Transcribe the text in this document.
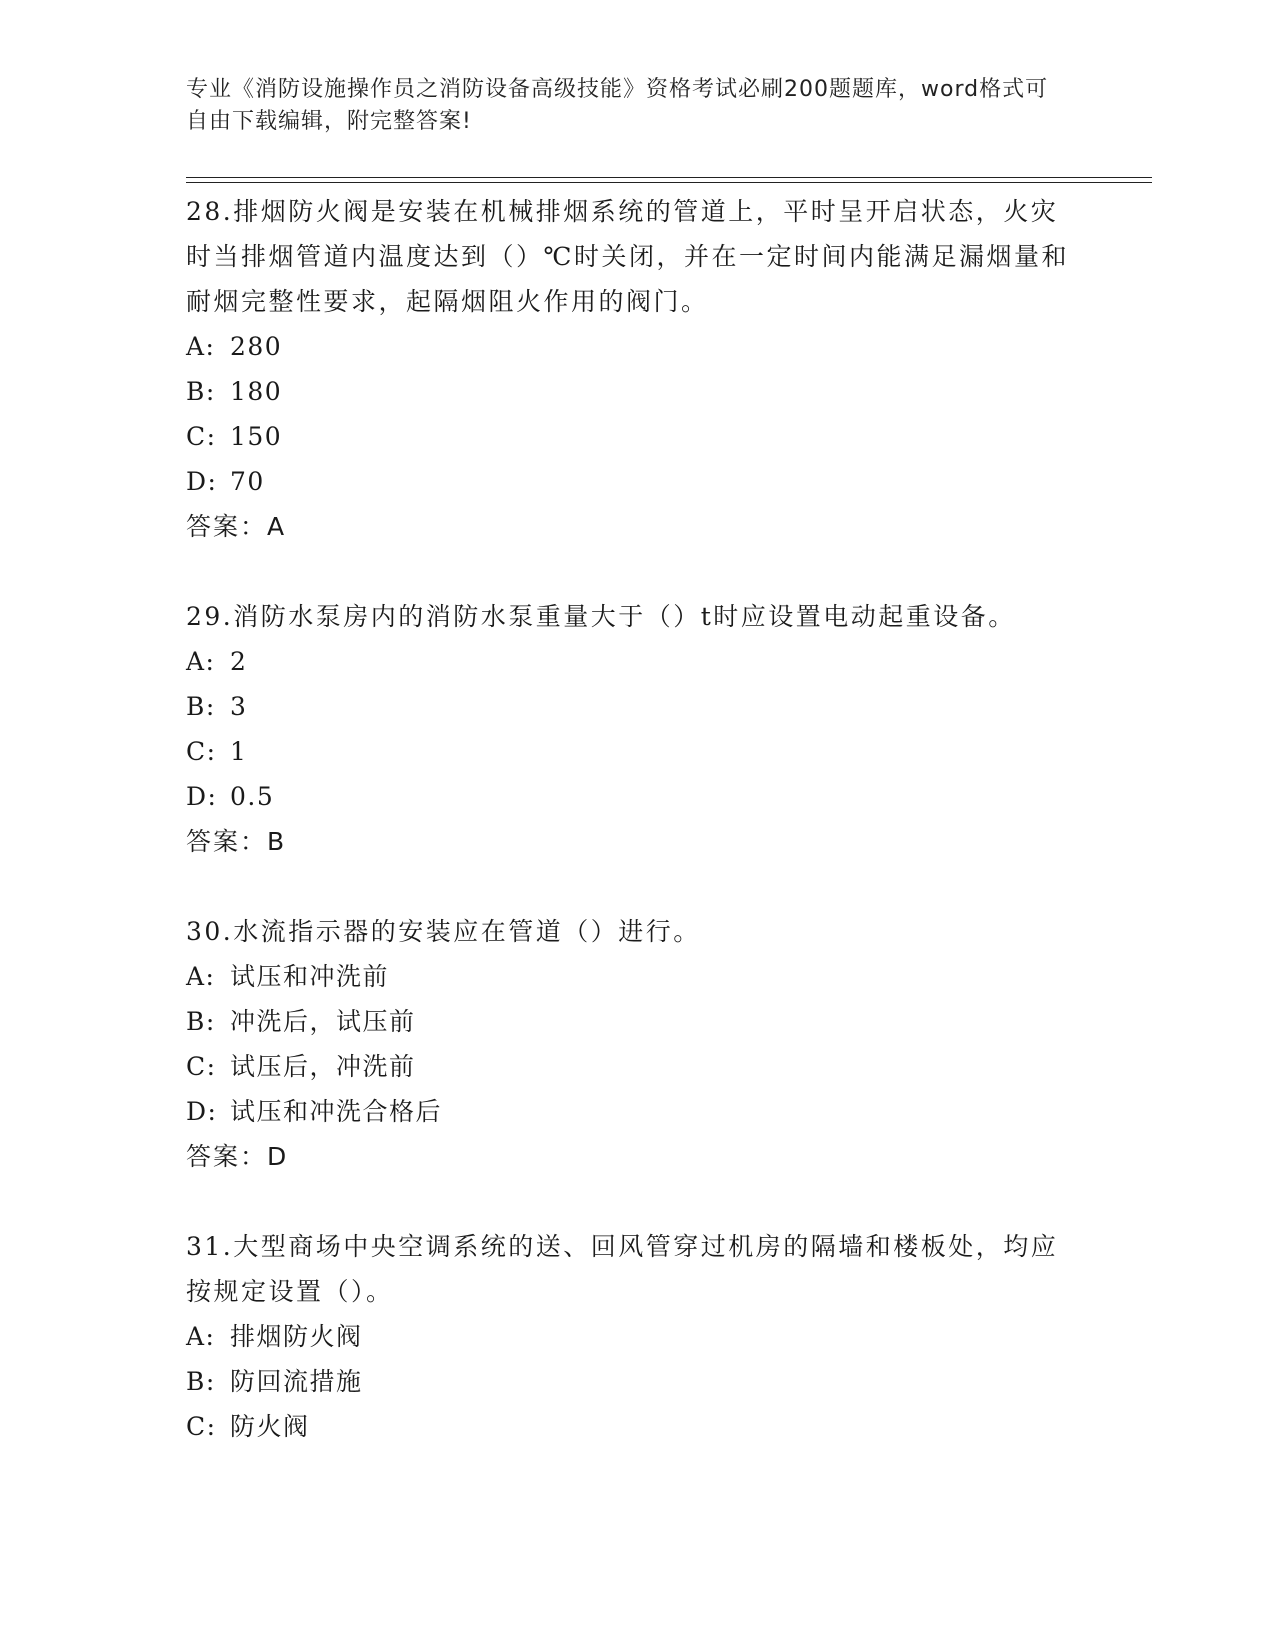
专业《消防设施操作员之消防设备高级技能》资格考试必刷200题题库，word格式可自由下载编辑，附完整答案!

28.排烟防火阀是安装在机械排烟系统的管道上，平时呈开启状态，火灾时当排烟管道内温度达到（）℃时关闭，并在一定时间内能满足漏烟量和耐烟完整性要求，起隔烟阻火作用的阀门。

A: 280

B: 180

C: 150

D: 70

答案：A

29.消防水泵房内的消防水泵重量大于（）t时应设置电动起重设备。

A: 2

B: 3

C: 1

D: 0.5

答案：B

30.水流指示器的安装应在管道（）进行。

A: 试压和冲洗前

B: 冲洗后，试压前

C: 试压后，冲洗前

D: 试压和冲洗合格后

答案：D

31.大型商场中央空调系统的送、回风管穿过机房的隔墙和楼板处，均应按规定设置（）。

A: 排烟防火阀

B: 防回流措施

C: 防火阀
